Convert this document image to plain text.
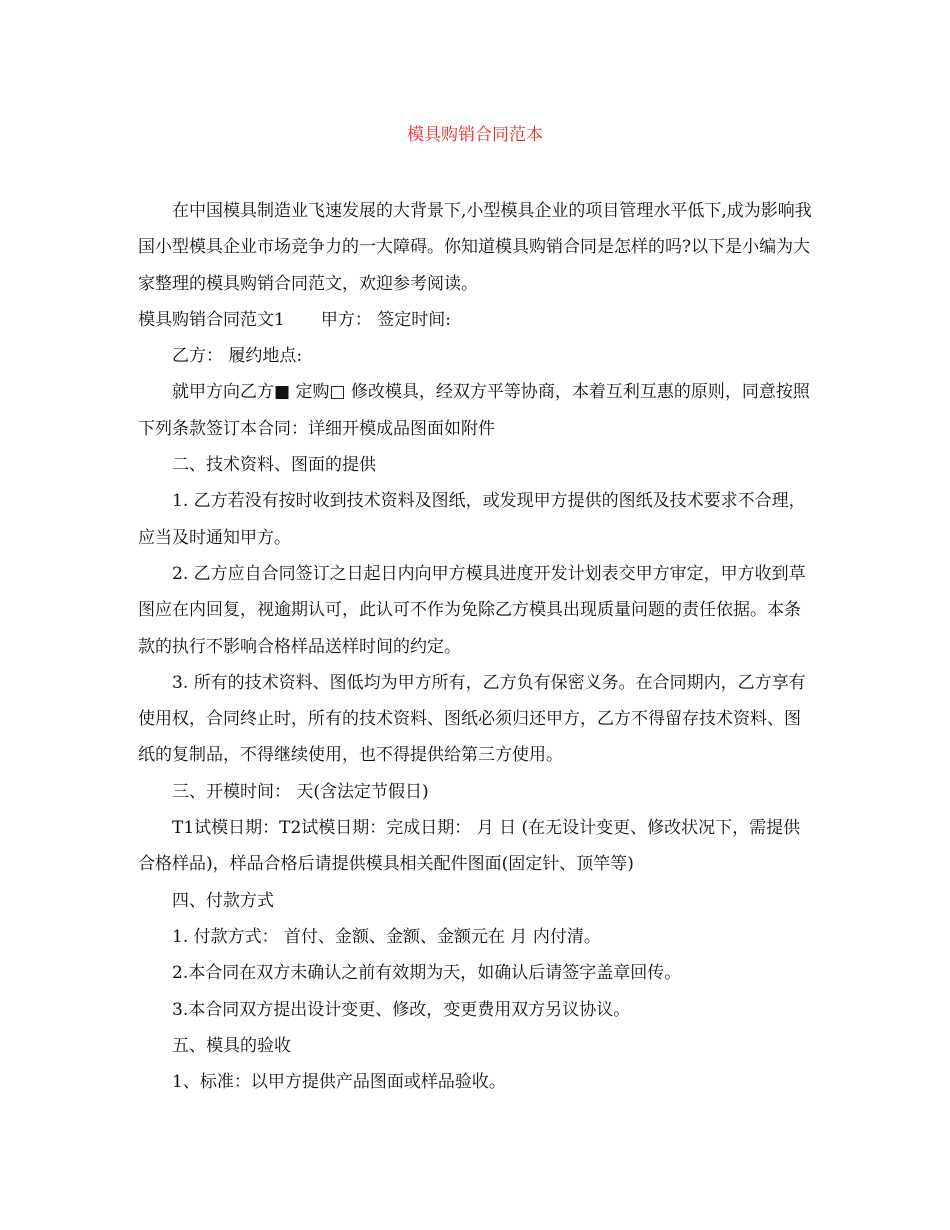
模具购销合同范本

在中国模具制造业飞速发展的大背景下,小型模具企业的项目管理水平低下,成为影响我国小型模具企业市场竞争力的一大障碍。你知道模具购销合同是怎样的吗?以下是小编为大家整理的模具购销合同范文，欢迎参考阅读。

模具购销合同范文1 甲方： 签定时间:

乙方： 履约地点:

就甲方向乙方■ 定购□ 修改模具，经双方平等协商，本着互利互惠的原则，同意按照下列条款签订本合同：详细开模成品图面如附件

二、技术资料、图面的提供

1. 乙方若没有按时收到技术资料及图纸，或发现甲方提供的图纸及技术要求不合理，应当及时通知甲方。

2. 乙方应自合同签订之日起日内向甲方模具进度开发计划表交甲方审定，甲方收到草图应在内回复，视逾期认可，此认可不作为免除乙方模具出现质量问题的责任依据。本条款的执行不影响合格样品送样时间的约定。

3. 所有的技术资料、图低均为甲方所有，乙方负有保密义务。在合同期内，乙方享有使用权，合同终止时，所有的技术资料、图纸必须归还甲方，乙方不得留存技术资料、图纸的复制品，不得继续使用，也不得提供给第三方使用。

三、开模时间： 天(含法定节假日)

T1试模日期：T2试模日期：完成日期： 月 日 (在无设计变更、修改状况下，需提供合格样品)，样品合格后请提供模具相关配件图面(固定针、顶竿等)

四、付款方式

1. 付款方式： 首付、金额、金额、金额元在 月 内付清。

2.本合同在双方未确认之前有效期为天，如确认后请签字盖章回传。

3.本合同双方提出设计变更、修改，变更费用双方另议协议。

五、模具的验收

1、标准：以甲方提供产品图面或样品验收。
